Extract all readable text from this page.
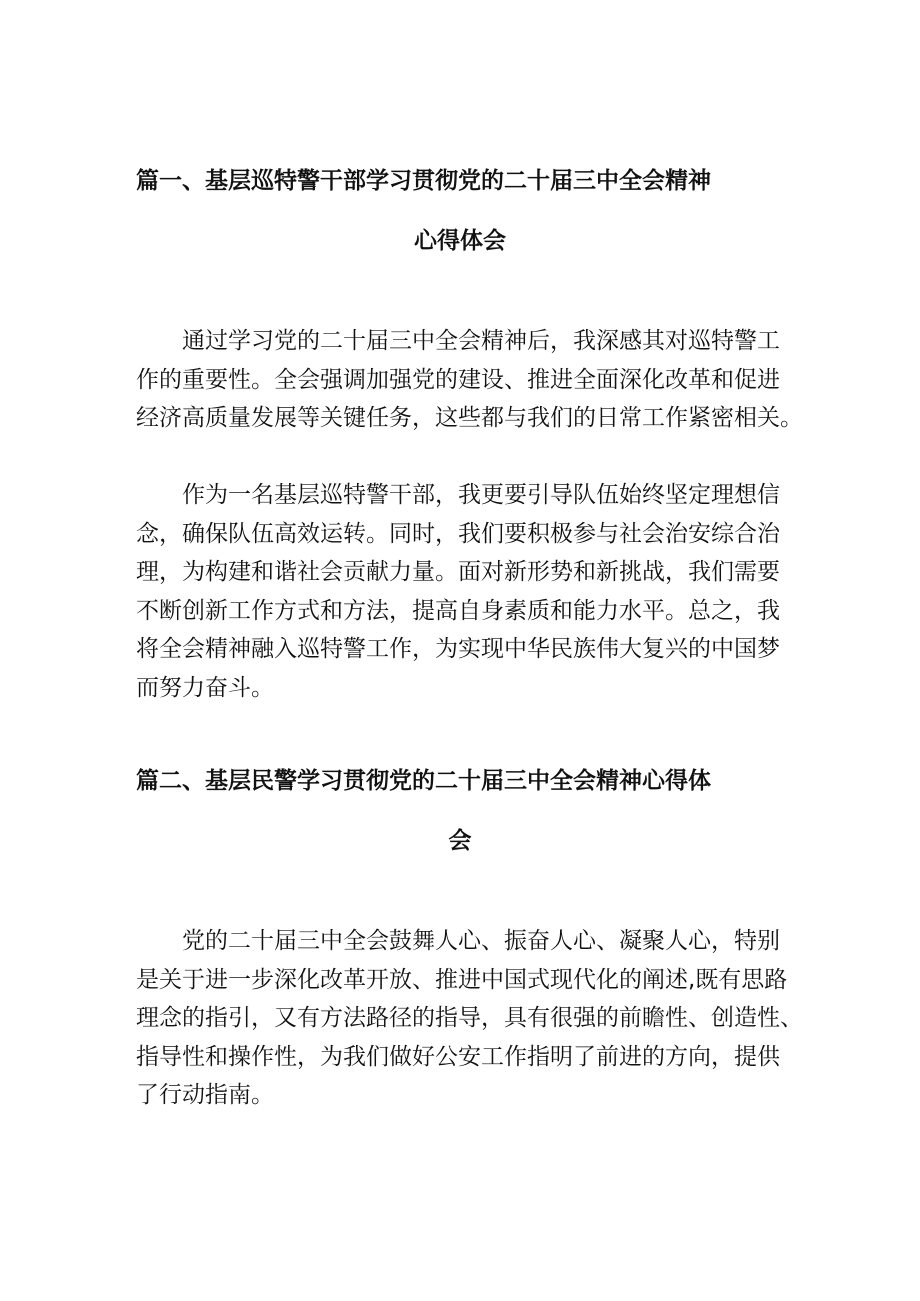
篇一、基层巡特警干部学习贯彻党的二十届三中全会精神
心得体会
通过学习党的二十届三中全会精神后，我深感其对巡特警工
作的重要性。全会强调加强党的建设、推进全面深化改革和促进
经济高质量发展等关键任务，这些都与我们的日常工作紧密相关。
作为一名基层巡特警干部，我更要引导队伍始终坚定理想信
念，确保队伍高效运转。同时，我们要积极参与社会治安综合治
理，为构建和谐社会贡献力量。面对新形势和新挑战，我们需要
不断创新工作方式和方法，提高自身素质和能力水平。总之，我
将全会精神融入巡特警工作，为实现中华民族伟大复兴的中国梦
而努力奋斗。
篇二、基层民警学习贯彻党的二十届三中全会精神心得体
会
党的二十届三中全会鼓舞人心、振奋人心、凝聚人心，特别
是关于进一步深化改革开放、推进中国式现代化的阐述,既有思路
理念的指引，又有方法路径的指导，具有很强的前瞻性、创造性、
指导性和操作性，为我们做好公安工作指明了前进的方向，提供
了行动指南。
